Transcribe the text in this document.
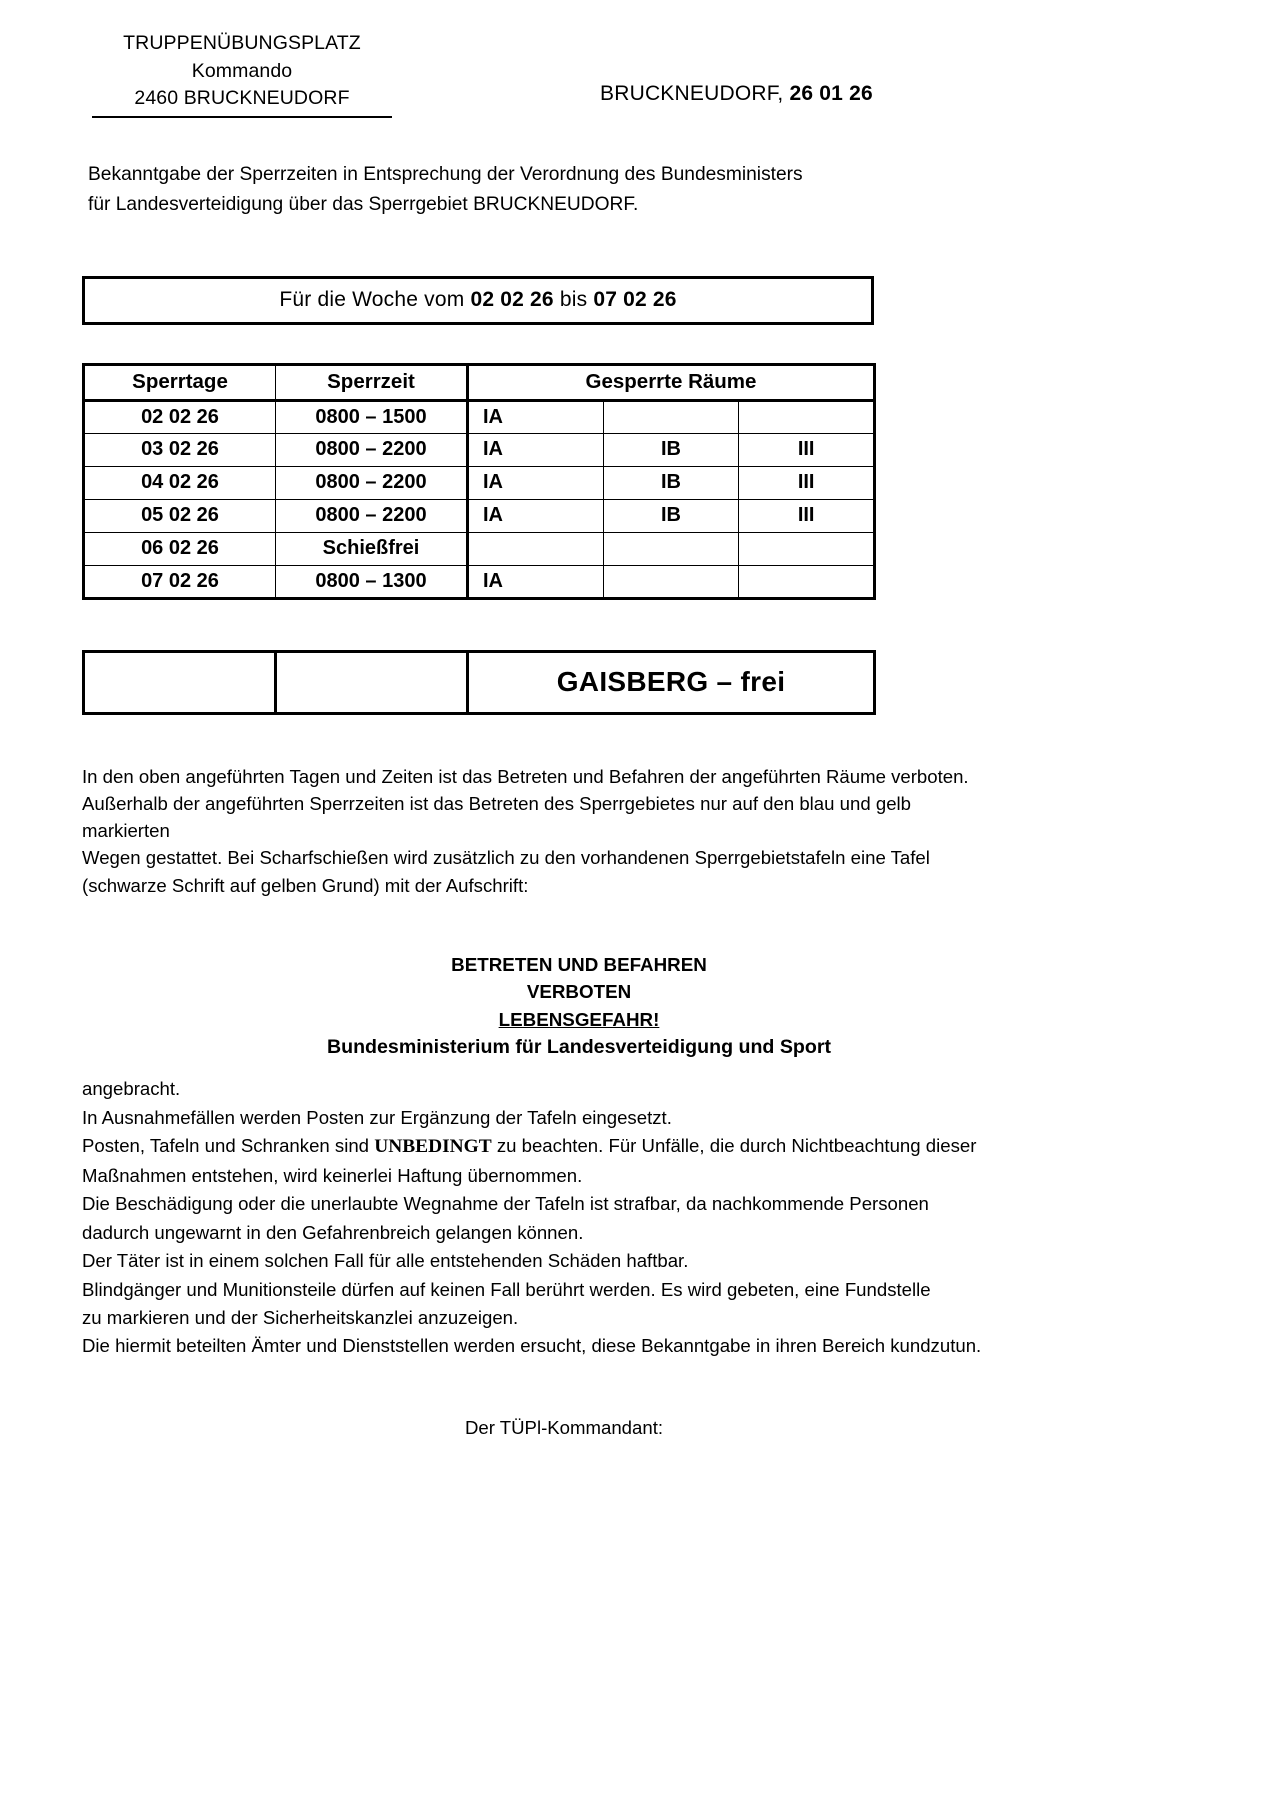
TRUPPENÜBUNGSPLATZ
Kommando
2460 BRUCKNEUDORF	BRUCKNEUDORF, 26 01 26
Bekanntgabe der Sperrzeiten in Entsprechung der Verordnung des Bundesministers
für Landesverteidigung über das Sperrgebiet BRUCKNEUDORF.
Für die Woche vom 02 02 26 bis 07 02 26
Sperrtage	Sperrzeit	Gesperrte Räume		
02 02 26	0800 – 1500	IA		
03 02 26	0800 – 2200	IA	IB	III
04 02 26	0800 – 2200	IA	IB	III
05 02 26	0800 – 2200	IA	IB	III
06 02 26	Schießfrei			
07 02 26	0800 – 1300	IA		
		GAISBERG – frei

In den oben angeführten Tagen und Zeiten ist das Betreten und Befahren der angeführten Räume verboten.

Außerhalb der angeführten Sperrzeiten ist das Betreten des Sperrgebietes nur auf den blau und gelb markierten

Wegen gestattet. Bei Scharfschießen wird zusätzlich zu den vorhandenen Sperrgebietstafeln eine Tafel

(schwarze Schrift auf gelben Grund) mit der Aufschrift:

BETRETEN UND BEFAHREN
VERBOTEN
LEBENSGEFAHR!
Bundesministerium für Landesverteidigung und Sport

angebracht.

In Ausnahmefällen werden Posten zur Ergänzung der Tafeln eingesetzt.

Posten, Tafeln und Schranken sind UNBEDINGT zu beachten. Für Unfälle, die durch Nichtbeachtung dieser

Maßnahmen entstehen, wird keinerlei Haftung übernommen.

Die Beschädigung oder die unerlaubte Wegnahme der Tafeln ist strafbar, da nachkommende Personen

dadurch ungewarnt in den Gefahrenbreich gelangen können.

Der Täter ist in einem solchen Fall für alle entstehenden Schäden haftbar.

Blindgänger und Munitionsteile dürfen auf keinen Fall berührt werden. Es wird gebeten, eine Fundstelle

zu markieren und der Sicherheitskanzlei anzuzeigen.

Die hiermit beteilten Ämter und Dienststellen werden ersucht, diese Bekanntgabe in ihren Bereich kundzutun.

Der TÜPl-Kommandant:
